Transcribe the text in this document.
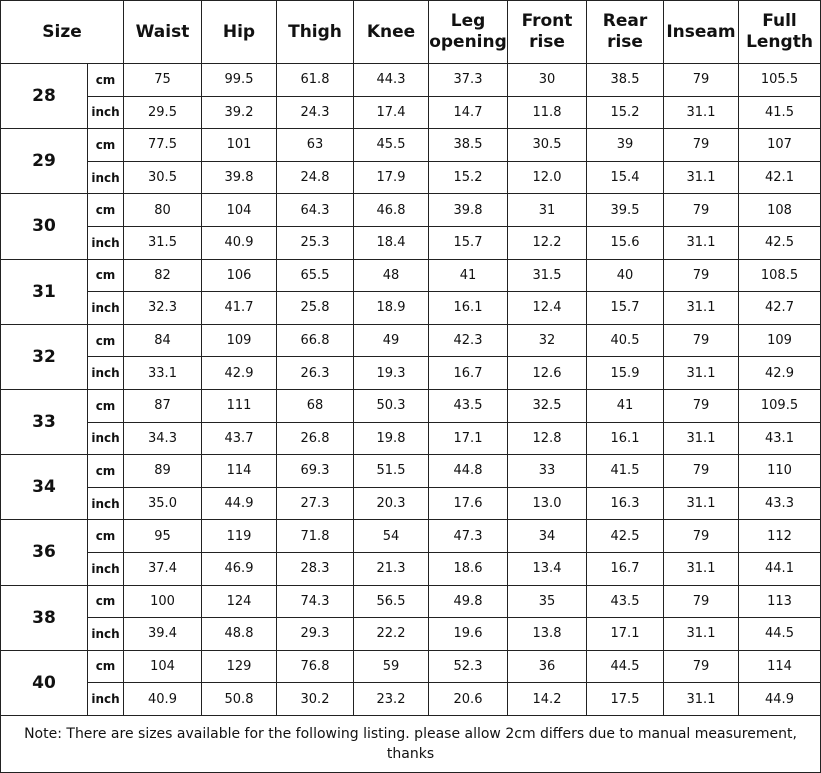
Size		Waist	Hip	Thigh	Knee	Leg opening	Front rise	Rear rise	Inseam	Full Length
28	cm	75	99.5	61.8	44.3	37.3	30	38.5	79	105.5
	inch	29.5	39.2	24.3	17.4	14.7	11.8	15.2	31.1	41.5
29	cm	77.5	101	63	45.5	38.5	30.5	39	79	107
	inch	30.5	39.8	24.8	17.9	15.2	12.0	15.4	31.1	42.1
30	cm	80	104	64.3	46.8	39.8	31	39.5	79	108
	inch	31.5	40.9	25.3	18.4	15.7	12.2	15.6	31.1	42.5
31	cm	82	106	65.5	48	41	31.5	40	79	108.5
	inch	32.3	41.7	25.8	18.9	16.1	12.4	15.7	31.1	42.7
32	cm	84	109	66.8	49	42.3	32	40.5	79	109
	inch	33.1	42.9	26.3	19.3	16.7	12.6	15.9	31.1	42.9
33	cm	87	111	68	50.3	43.5	32.5	41	79	109.5
	inch	34.3	43.7	26.8	19.8	17.1	12.8	16.1	31.1	43.1
34	cm	89	114	69.3	51.5	44.8	33	41.5	79	110
	inch	35.0	44.9	27.3	20.3	17.6	13.0	16.3	31.1	43.3
36	cm	95	119	71.8	54	47.3	34	42.5	79	112
	inch	37.4	46.9	28.3	21.3	18.6	13.4	16.7	31.1	44.1
38	cm	100	124	74.3	56.5	49.8	35	43.5	79	113
	inch	39.4	48.8	29.3	22.2	19.6	13.8	17.1	31.1	44.5
40	cm	104	129	76.8	59	52.3	36	44.5	79	114
	inch	40.9	50.8	30.2	23.2	20.6	14.2	17.5	31.1	44.9
Note: There are sizes available for the following listing. please allow 2cm differs due to manual measurement, thanks										
